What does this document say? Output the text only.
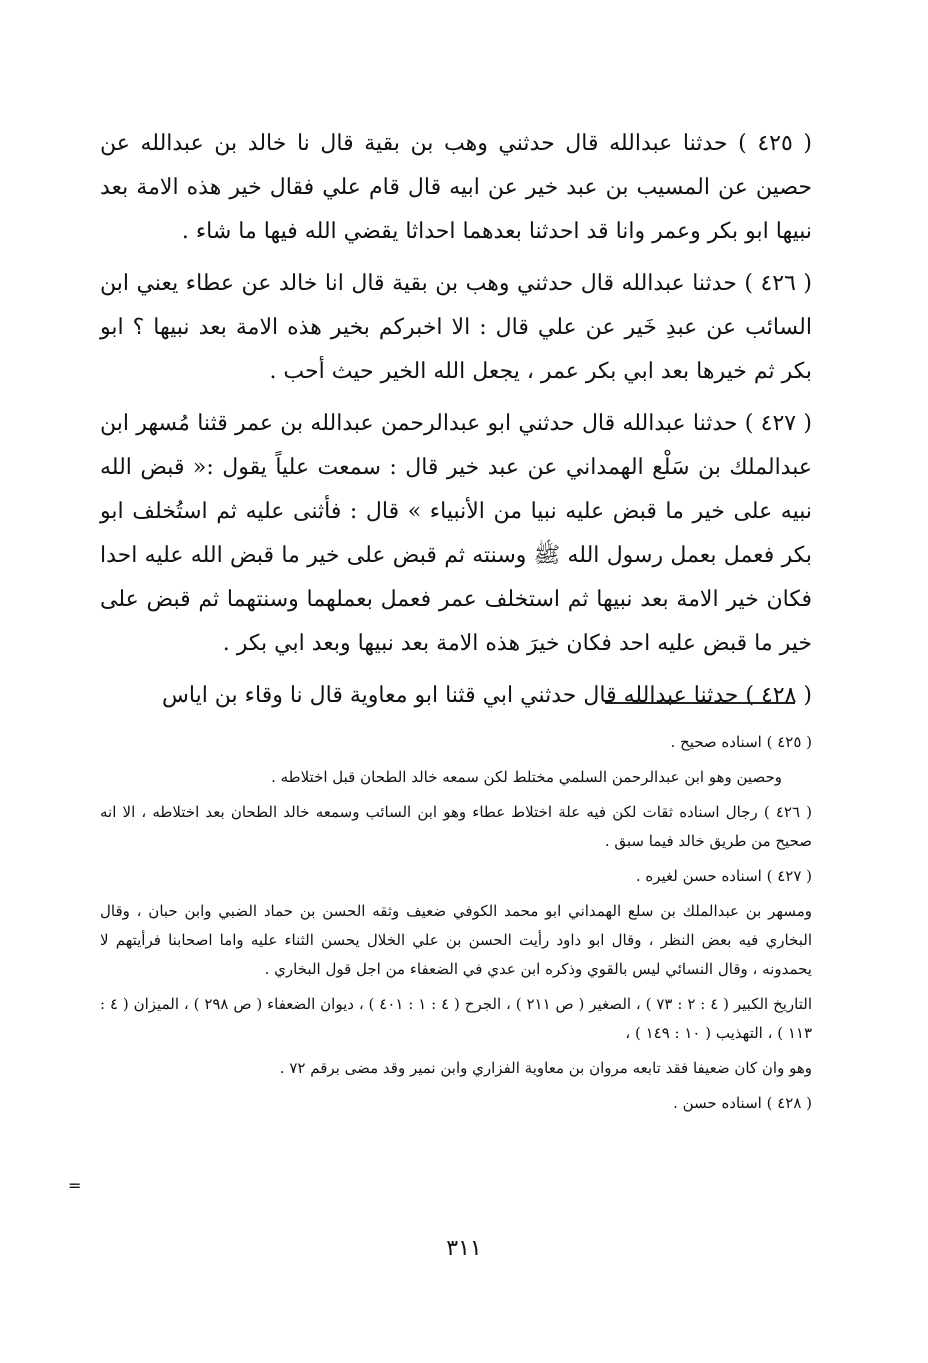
( ٤٢٥ ) حدثنا عبدالله قال حدثني وهب بن بقية قال نا خالد بن عبدالله عن حصين عن المسيب بن عبد خير عن ابيه قال قام علي فقال خير هذه الامة بعد نبيها ابو بكر وعمر وانا قد احدثنا بعدهما احداثا يقضي الله فيها ما شاء .

( ٤٢٦ ) حدثنا عبدالله قال حدثني وهب بن بقية قال انا خالد عن عطاء يعني ابن السائب عن عبدِ خَير عن علي قال : الا اخبركم بخير هذه الامة بعد نبيها ؟ ابو بكر ثم خيرها بعد ابي بكر عمر ، يجعل الله الخير حيث أحب .

( ٤٢٧ ) حدثنا عبدالله قال حدثني ابو عبدالرحمن عبدالله بن عمر قثنا مُسهر ابن عبدالملك بن سَلْع الهمداني عن عبد خير قال : سمعت علياً يقول :« قبض الله نبيه على خير ما قبض عليه نبيا من الأنبياء » قال : فأثنى عليه ثم استُخلف ابو بكر فعمل بعمل رسول الله ﷺ وسنته ثم قبض على خير ما قبض الله عليه احدا فكان خير الامة بعد نبيها ثم استخلف عمر فعمل بعملهما وسنتهما ثم قبض على خير ما قبض عليه احد فكان خيرَ هذه الامة بعد نبيها وبعد ابي بكر .

( ٤٢٨ ) حدثنا عبدالله قال حدثني ابي قثنا ابو معاوية قال نا وقاء بن اياس

( ٤٢٥ ) اسناده صحيح .

وحصين وهو ابن عبدالرحمن السلمي مختلط لكن سمعه خالد الطحان قبل اختلاطه .

( ٤٢٦ ) رجال اسناده ثقات لكن فيه علة اختلاط عطاء وهو ابن السائب وسمعه خالد الطحان بعد اختلاطه ، الا انه صحيح من طريق خالد فيما سبق .

( ٤٢٧ ) اسناده حسن لغيره .

ومسهر بن عبدالملك بن سلع الهمداني ابو محمد الكوفي ضعيف وثقه الحسن بن حماد الضبي وابن حبان ، وقال البخاري فيه بعض النظر ، وقال ابو داود رأيت الحسن بن علي الخلال يحسن الثناء عليه واما اصحابنا فرأيتهم لا يحمدونه ، وقال النسائي ليس بالقوي وذكره ابن عدي في الضعفاء من اجل قول البخاري .

التاريخ الكبير ( ٤ : ٢ : ٧٣ ) ، الصغير ( ص ٢١١ ) ، الجرح ( ٤ : ١ : ٤٠١ ) ، ديوان الضعفاء ( ص ٢٩٨ ) ، الميزان ( ٤ : ١١٣ ) ، التهذيب ( ١٠ : ١٤٩ ) ،

وهو وان كان ضعيفا فقد تابعه مروان بن معاوية الفزاري وابن نمير وقد مضى برقم ٧٢ .

( ٤٢٨ ) اسناده حسن .

=
٣١١
